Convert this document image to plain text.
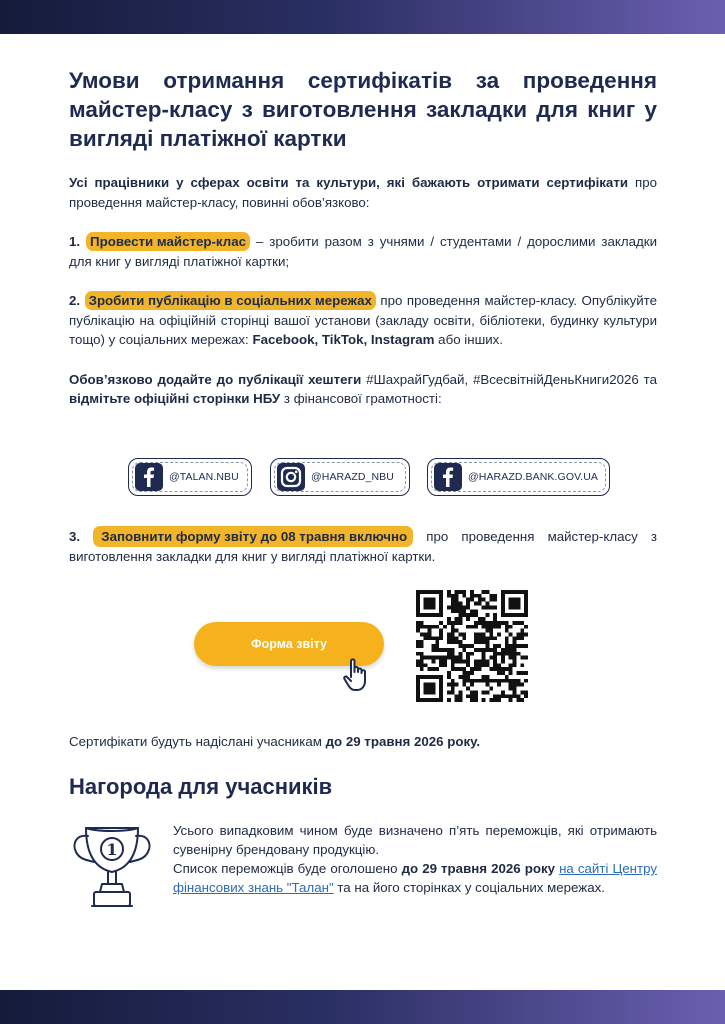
Умови отримання сертифікатів за проведення майстер-класу з виготовлення закладки для книг у вигляді платіжної картки

Усі працівники у сферах освіти та культури, які бажають отримати сертифікати про проведення майстер-класу, повинні обов’язково:

1. Провести майстер-клас – зробити разом з учнями / студентами / дорослими закладки для книг у вигляді платіжної картки;

2. Зробити публікацію в соціальних мережах про проведення майстер-класу. Опублікуйте публікацію на офіційній сторінці вашої установи (закладу освіти, бібліотеки, будинку культури тощо) у соціальних мережах: Facebook, TikTok, Instagram або інших.

Обов’язково додайте до публікації хештеги #ШахрайГудбай, #ВсесвітнійДеньКниги2026 та відмітьте офіційні сторінки НБУ з фінансової грамотності:

@TALAN.NBU	@HARAZD_NBU	@HARAZD.BANK.GOV.UA

3. Заповнити форму звіту до 08 травня включно про проведення майстер-класу з виготовлення закладки для книг у вигляді платіжної картки.

Форма звіту
Сертифікати будуть надіслані учасникам до 29 травня 2026 року.
Нагорода для учасників
1

Усього випадковим чином буде визначено п’ять переможців, які отримають сувенірну брендовану продукцію.

Список переможців буде оголошено до 29 травня 2026 року на сайті Центру фінансових знань "Талан" та на його сторінках у соціальних мережах.
